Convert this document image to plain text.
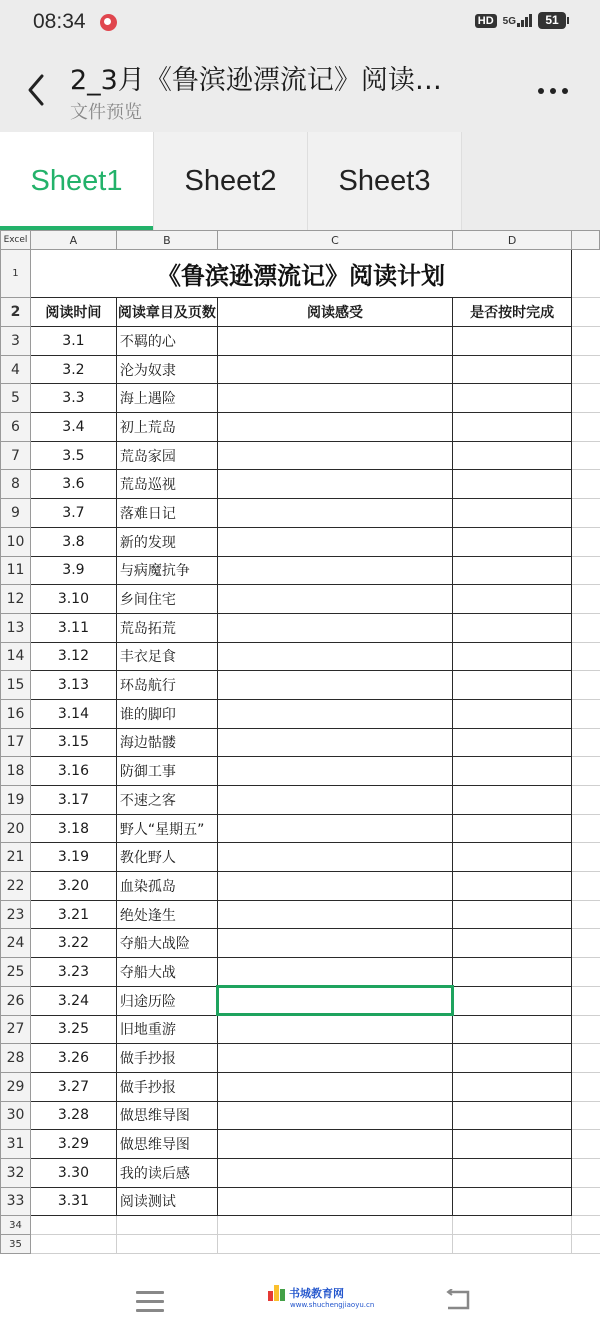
08:34	HD 5G	51
2_3月《鲁滨逊漂流记》阅读…
文件预览
Sheet1	Sheet2	Sheet3
Excel	A	B	C	D	
1	《鲁滨逊漂流记》阅读计划				
2	阅读时间	阅读章目及页数	阅读感受	是否按时完成	
3	3.1	不羁的心			
4	3.2	沦为奴隶			
5	3.3	海上遇险			
6	3.4	初上荒岛			
7	3.5	荒岛家园			
8	3.6	荒岛巡视			
9	3.7	落难日记			
10	3.8	新的发现			
11	3.9	与病魔抗争			
12	3.10	乡间住宅			
13	3.11	荒岛拓荒			
14	3.12	丰衣足食			
15	3.13	环岛航行			
16	3.14	谁的脚印			
17	3.15	海边骷髅			
18	3.16	防御工事			
19	3.17	不速之客			
20	3.18	野人“星期五”			
21	3.19	教化野人			
22	3.20	血染孤岛			
23	3.21	绝处逢生			
24	3.22	夺船大战险			
25	3.23	夺船大战			
26	3.24	归途历险			
27	3.25	旧地重游			
28	3.26	做手抄报			
29	3.27	做手抄报			
30	3.28	做思维导图			
31	3.29	做思维导图			
32	3.30	我的读后感			
33	3.31	阅读测试			
34					
35					
书城教育网
www.shuchengjiaoyu.cn
